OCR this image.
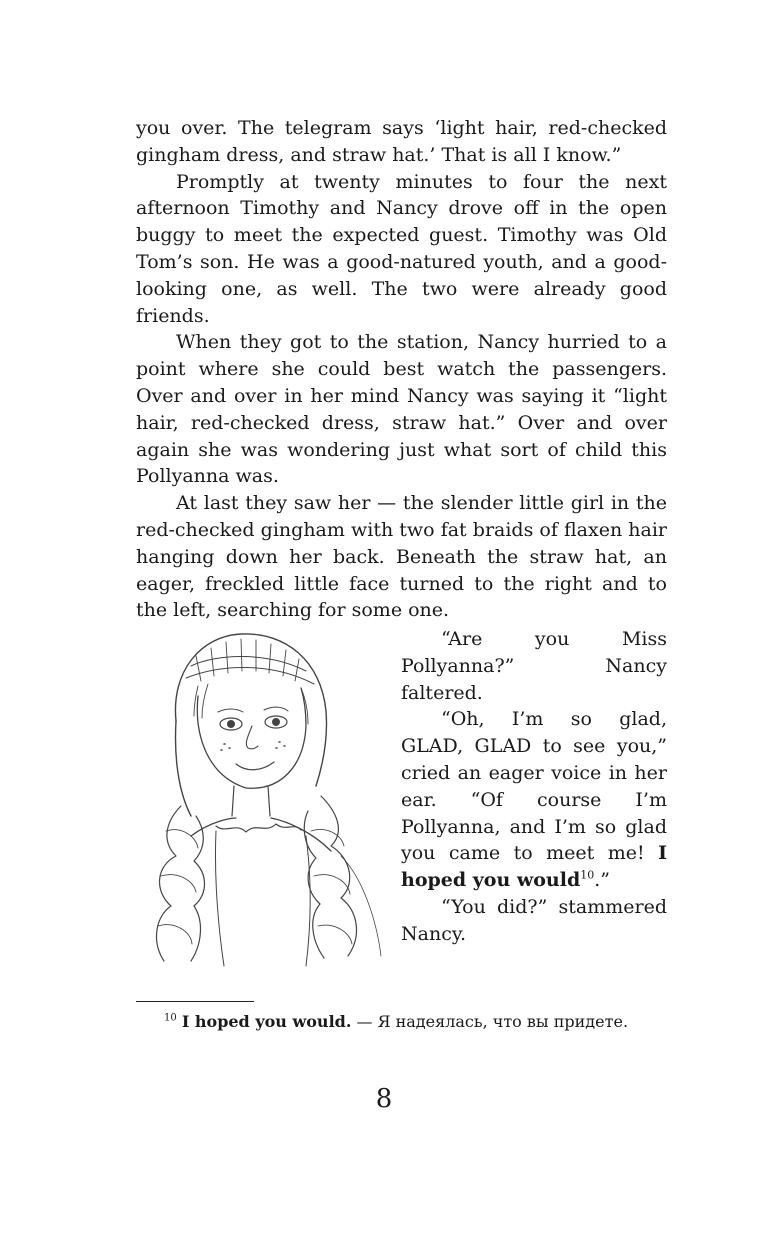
you over. The telegram says ‘light hair, red-checked gingham dress, and straw hat.’ That is all I know.”

Promptly at twenty minutes to four the next afternoon Timothy and Nancy drove off in the open buggy to meet the expected guest. Timothy was Old Tom’s son. He was a good-natured youth, and a good-looking one, as well. The two were already good friends.

When they got to the station, Nancy hurried to a point where she could best watch the passengers. Over and over in her mind Nancy was saying it “light hair, red-checked dress, straw hat.” Over and over again she was wondering just what sort of child this Pollyanna was.

At last they saw her — the slender little girl in the red-checked gingham with two fat braids of flaxen hair hanging down her back. Beneath the straw hat, an eager, freckled little face turned to the right and to the left, searching for some one.

“Are you Miss Pollyanna?” Nancy faltered.

“Oh, I’m so glad, GLAD, GLAD to see you,” cried an eager voice in her ear. “Of course I’m Pollyanna, and I’m so glad you came to meet me! I hoped you would$^{10}$.”

“You did?” stammered Nancy.

$^{10}$ I hoped you would. — Я надеялась, что вы придете.
8
